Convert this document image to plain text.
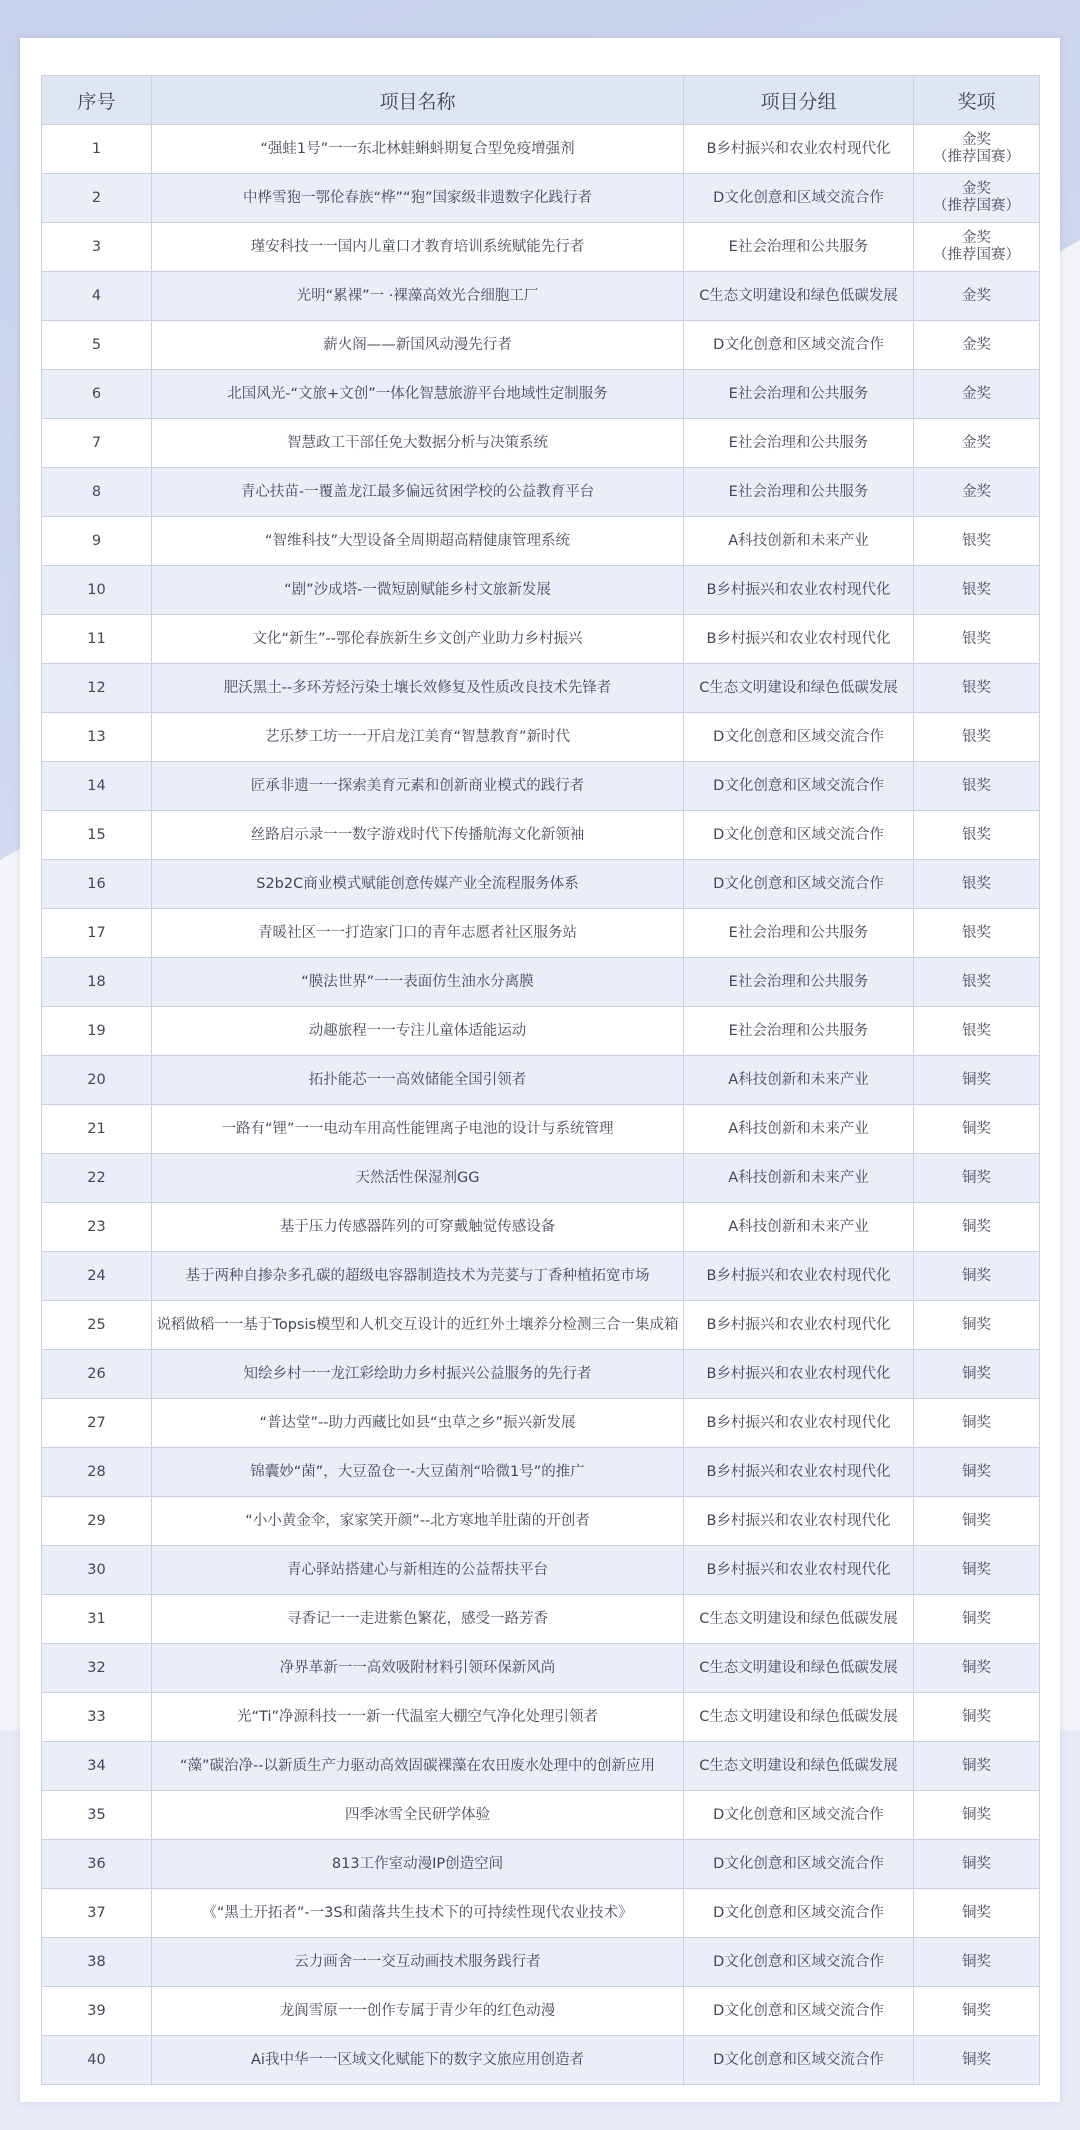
序号	项目名称	项目分组	奖项
1	“强蛙1号”一一东北林蛙蝌蚪期复合型免疫增强剂	B乡村振兴和农业农村现代化	金奖
（推荐国赛）
2	中桦雪狍一鄂伦春族“桦”“狍”国家级非遗数字化践行者	D文化创意和区域交流合作	金奖
（推荐国赛）
3	瑾安科技一一国内儿童口才教育培训系统赋能先行者	E社会治理和公共服务	金奖
（推荐国赛）
4	光明“累裸”一 ·裸藻高效光合细胞工厂	C生态文明建设和绿色低碳发展	金奖
5	薪火阁——新国风动漫先行者	D文化创意和区域交流合作	金奖
6	北国风光-“文旅+文创”一体化智慧旅游平台地域性定制服务	E社会治理和公共服务	金奖
7	智慧政工干部任免大数据分析与决策系统	E社会治理和公共服务	金奖
8	青心扶苗-一覆盖龙江最多偏远贫困学校的公益教育平台	E社会治理和公共服务	金奖
9	“智维科技”大型设备全周期超高精健康管理系统	A科技创新和未来产业	银奖
10	“剧”沙成塔-一微短剧赋能乡村文旅新发展	B乡村振兴和农业农村现代化	银奖
11	文化“新生”--鄂伦春族新生乡文创产业助力乡村振兴	B乡村振兴和农业农村现代化	银奖
12	肥沃黑土--多环芳烃污染土壤长效修复及性质改良技术先锋者	C生态文明建设和绿色低碳发展	银奖
13	艺乐梦工坊一一开启龙江美育“智慧教育”新时代	D文化创意和区域交流合作	银奖
14	匠承非遗一一探索美育元素和创新商业模式的践行者	D文化创意和区域交流合作	银奖
15	丝路启示录一一数字游戏时代下传播航海文化新领袖	D文化创意和区域交流合作	银奖
16	S2b2C商业模式赋能创意传媒产业全流程服务体系	D文化创意和区域交流合作	银奖
17	青暖社区一一打造家门口的青年志愿者社区服务站	E社会治理和公共服务	银奖
18	“膜法世界”一一表面仿生油水分离膜	E社会治理和公共服务	银奖
19	动趣旅程一一专注儿童体适能运动	E社会治理和公共服务	银奖
20	拓扑能芯一一高效储能全国引领者	A科技创新和未来产业	铜奖
21	一路有“锂”一一电动车用高性能锂离子电池的设计与系统管理	A科技创新和未来产业	铜奖
22	天然活性保湿剂GG	A科技创新和未来产业	铜奖
23	基于压力传感器阵列的可穿戴触觉传感设备	A科技创新和未来产业	铜奖
24	基于两种自掺杂多孔碳的超级电容器制造技术为芫荽与丁香种植拓宽市场	B乡村振兴和农业农村现代化	铜奖
25	说稻做稻一一基于Topsis模型和人机交互设计的近红外土壤养分检测三合一集成箱	B乡村振兴和农业农村现代化	铜奖
26	知绘乡村一一龙江彩绘助力乡村振兴公益服务的先行者	B乡村振兴和农业农村现代化	铜奖
27	“普达堂”--助力西藏比如县“虫草之乡”振兴新发展	B乡村振兴和农业农村现代化	铜奖
28	锦囊妙“菌”，大豆盈仓一-大豆菌剂“哈微1号”的推广	B乡村振兴和农业农村现代化	铜奖
29	“小小黄金伞，家家笑开颜”--北方寒地羊肚菌的开创者	B乡村振兴和农业农村现代化	铜奖
30	青心驿站搭建心与新相连的公益帮扶平台	B乡村振兴和农业农村现代化	铜奖
31	寻香记一一走进紫色繁花，感受一路芳香	C生态文明建设和绿色低碳发展	铜奖
32	净界革新一一高效吸附材料引领环保新风尚	C生态文明建设和绿色低碳发展	铜奖
33	光“Ti”净源科技一一新一代温室大棚空气净化处理引领者	C生态文明建设和绿色低碳发展	铜奖
34	“藻”碳治净--以新质生产力驱动高效固碳裸藻在农田废水处理中的创新应用	C生态文明建设和绿色低碳发展	铜奖
35	四季冰雪全民研学体验	D文化创意和区域交流合作	铜奖
36	813工作室动漫IP创造空间	D文化创意和区域交流合作	铜奖
37	《“黑土开拓者”-一3S和菌落共生技术下的可持续性现代农业技术》	D文化创意和区域交流合作	铜奖
38	云力画舍一一交互动画技术服务践行者	D文化创意和区域交流合作	铜奖
39	龙阆雪原一一创作专属于青少年的红色动漫	D文化创意和区域交流合作	铜奖
40	Ai我中华一一区域文化赋能下的数字文旅应用创造者	D文化创意和区域交流合作	铜奖
